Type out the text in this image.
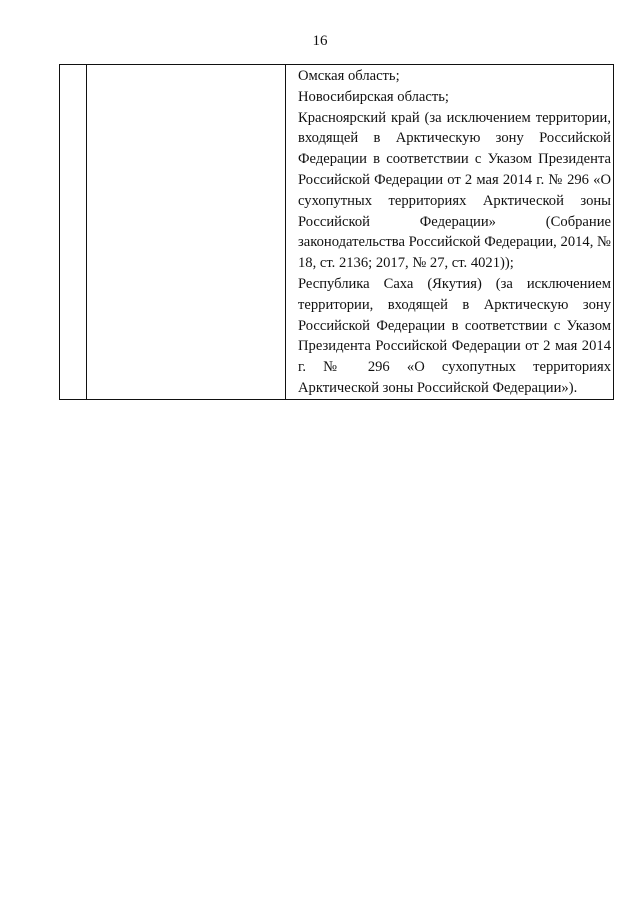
16

Омская область;
Новосибирская область;
Красноярский край (за исключением территории, входящей в Арктическую зону Российской Федерации в соответствии с Указом Президента Российской Федерации от 2 мая 2014 г. № 296 «О сухопутных территориях Арктической зоны Российской Федерации» (Собрание законодательства Российской Федерации, 2014, № 18, ст. 2136; 2017, № 27, ст. 4021));
Республика Саха (Якутия) (за исключением территории, входящей в Арктическую зону Российской Федерации в соответствии с Указом Президента Российской Федерации от 2 мая 2014 г. № 296 «О сухопутных территориях Арктической зоны Российской Федерации»).
